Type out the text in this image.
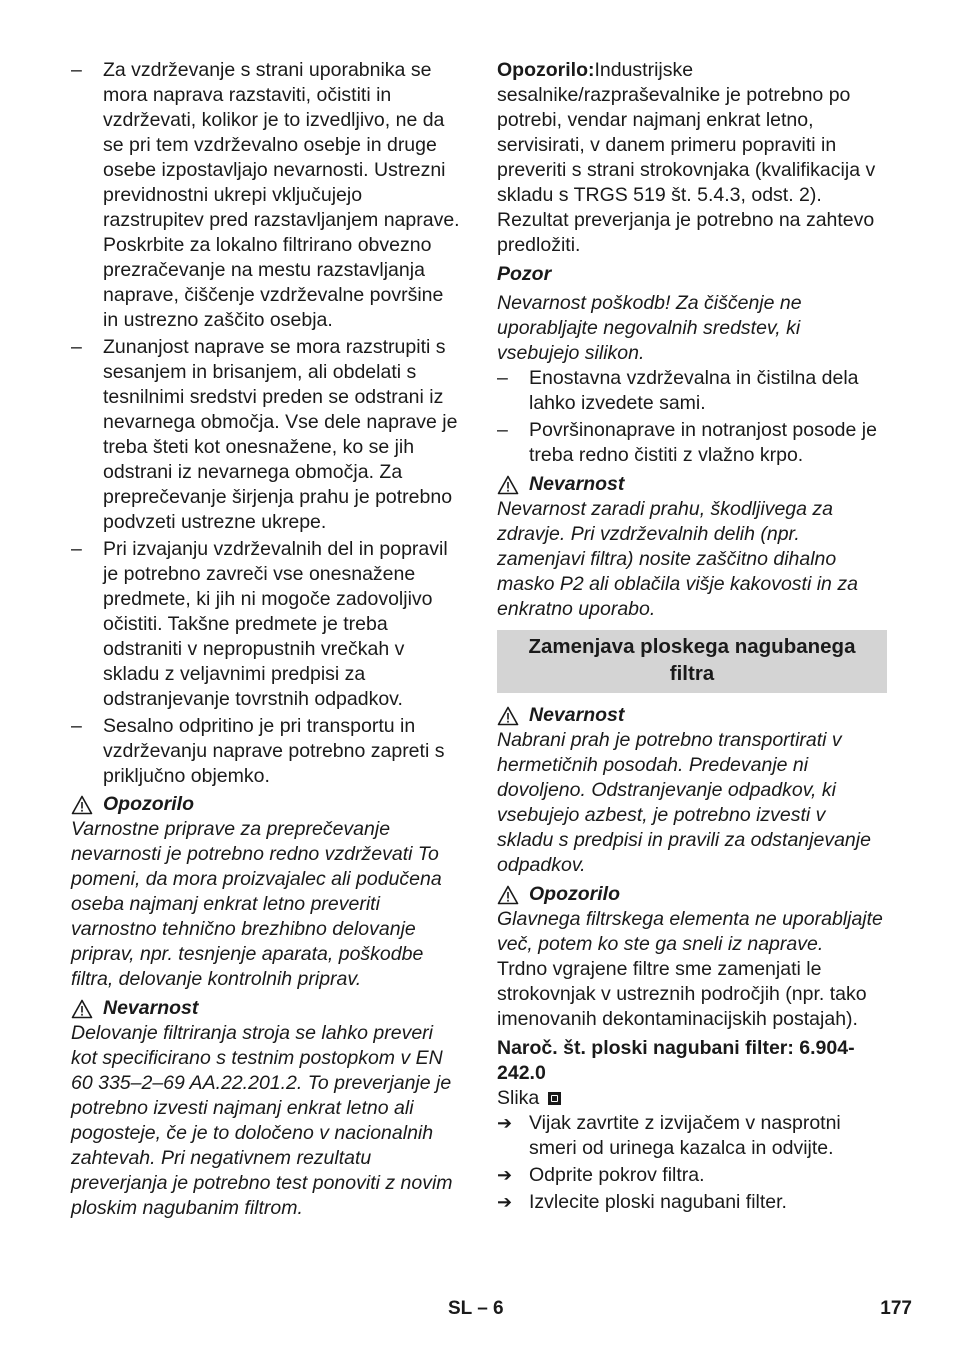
– Za vzdrževanje s strani uporabnika se mora naprava razstaviti, očistiti in vzdrževati, kolikor je to izvedljivo, ne da se pri tem vzdrževalno osebje in druge osebe izpostavljajo nevarnosti. Ustrezni previdnostni ukrepi vključujejo razstrupitev pred razstavljanjem naprave. Poskrbite za lokalno filtrirano obvezno prezračevanje na mestu razstavljanja naprave, čiščenje vzdrževalne površine in ustrezno zaščito osebja.

– Zunanjost naprave se mora razstrupiti s sesanjem in brisanjem, ali obdelati s tesnilnimi sredstvi preden se odstrani iz nevarnega območja. Vse dele naprave je treba šteti kot onesnažene, ko se jih odstrani iz nevarnega območja. Za preprečevanje širjenja prahu je potrebno podvzeti ustrezne ukrepe.

– Pri izvajanju vzdrževalnih del in popravil je potrebno zavreči vse onesnažene predmete, ki jih ni mogoče zadovoljivo očistiti. Takšne predmete je treba odstraniti v nepropustnih vrečkah v skladu z veljavnimi predpisi za odstranjevanje tovrstnih odpadkov.

– Sesalno odpritino je pri transportu in vzdrževanju naprave potrebno zapreti s priključno objemko.

Opozorilo

Varnostne priprave za preprečevanje nevarnosti je potrebno redno vzdrževati To pomeni, da mora proizvajalec ali podučena oseba najmanj enkrat letno preveriti varnostno tehnično brezhibno delovanje priprav, npr. tesnjenje aparata, poškodbe filtra, delovanje kontrolnih priprav.

Nevarnost

Delovanje filtriranja stroja se lahko preveri kot specificirano s testnim postopkom v EN 60 335–2–69 AA.22.201.2. To preverjanje je potrebno izvesti najmanj enkrat letno ali pogosteje, če je to določeno v nacionalnih zahtevah. Pri negativnem rezultatu preverjanja je potrebno test ponoviti z novim ploskim nagubanim filtrom.

Opozorilo:Industrijske sesalnike/razpraševalnike je potrebno po potrebi, vendar najmanj enkrat letno, servisirati, v danem primeru popraviti in preveriti s strani strokovnjaka (kvalifikacija v skladu s TRGS 519 št. 5.4.3, odst. 2). Rezultat preverjanja je potrebno na zahtevo predložiti.

Pozor

Nevarnost poškodb! Za čiščenje ne uporabljajte negovalnih sredstev, ki vsebujejo silikon.

– Enostavna vzdrževalna in čistilna dela lahko izvedete sami.

– Površinonaprave in notranjost posode je treba redno čistiti z vlažno krpo.

Nevarnost

Nevarnost zaradi prahu, škodljivega za zdravje. Pri vzdrževalnih delih (npr. zamenjavi filtra) nosite zaščitno dihalno masko P2 ali oblačila višje kakovosti in za enkratno uporabo.

Zamenjava ploskega nagubanega filtra
Nevarnost

Nabrani prah je potrebno transportirati v hermetičnih posodah. Predevanje ni dovoljeno. Odstranjevanje odpadkov, ki vsebujejo azbest, je potrebno izvesti v skladu s predpisi in pravili za odstanjevanje odpadkov.

Opozorilo

Glavnega filtrskega elementa ne uporabljajte več, potem ko ste ga sneli iz naprave.

Trdno vgrajene filtre sme zamenjati le strokovnjak v ustreznih področjih (npr. tako imenovanih dekontaminacijskih postajah).

Naroč. št. ploski nagubani filter: 6.904-242.0

Slika

➔ Vijak zavrtite z izvijačem v nasprotni smeri od urinega kazalca in odvijte.

➔ Odprite pokrov filtra.

➔ Izvlecite ploski nagubani filter.

SL – 6	177
